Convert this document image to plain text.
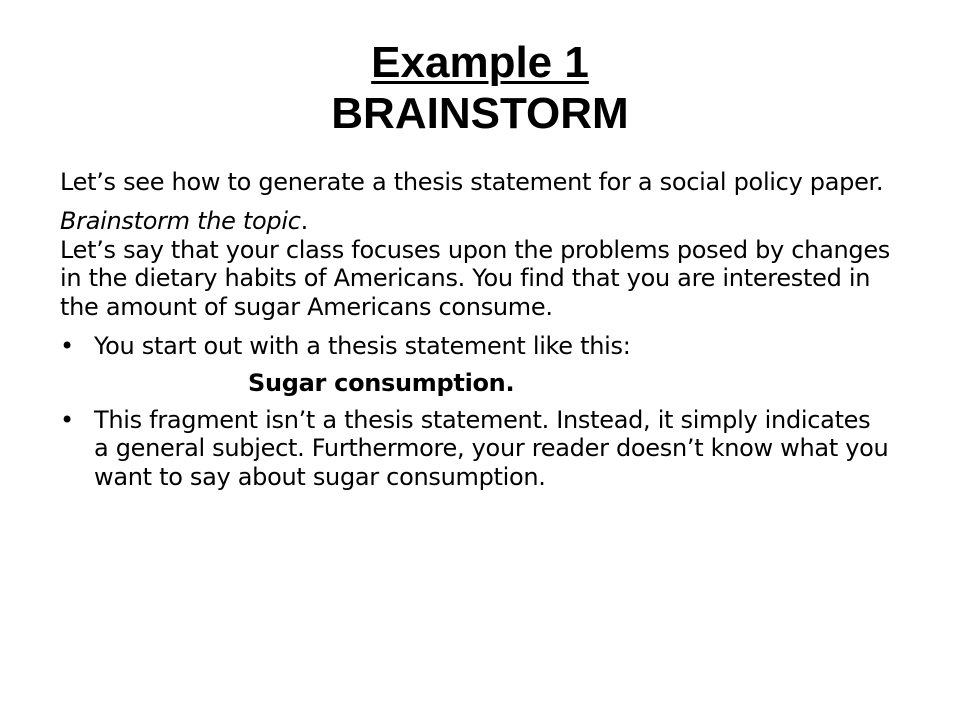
Example 1
BRAINSTORM

Let’s see how to generate a thesis statement for a social policy paper.

Brainstorm the topic.
Let’s say that your class focuses upon the problems posed by changes in the dietary habits of Americans. You find that you are interested in the amount of sugar Americans consume.

• You start out with a thesis statement like this:
Sugar consumption.
• This fragment isn’t a thesis statement. Instead, it simply indicates a general subject. Furthermore, your reader doesn’t know what you want to say about sugar consumption.
